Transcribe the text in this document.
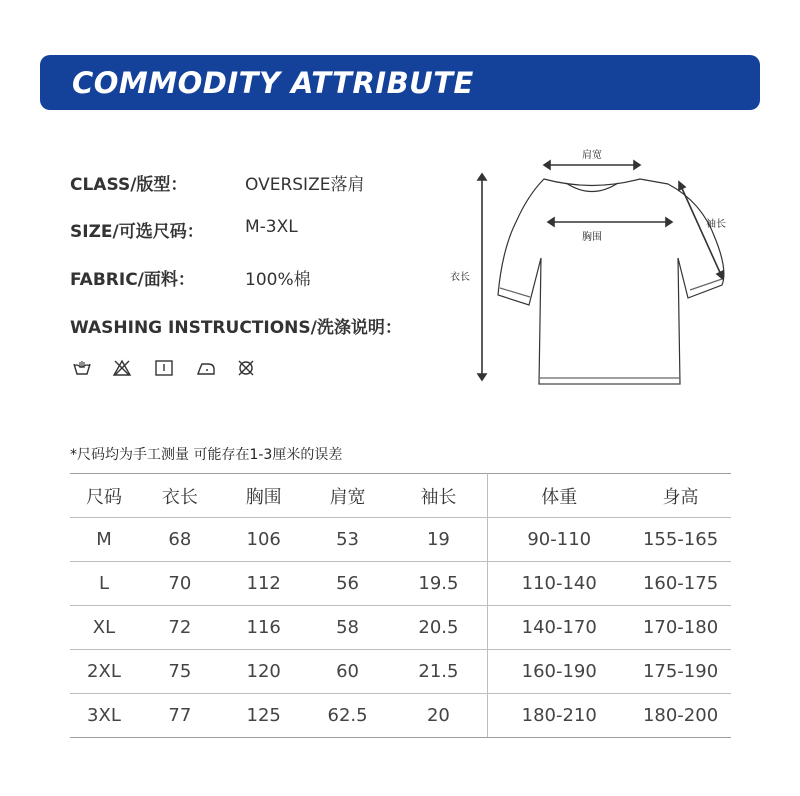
COMMODITY ATTRIBUTE
CLASS/版型：	OVERSIZE落肩
SIZE/可选尺码： M-3XL
FABRIC/面料：	100%棉
WASHING INSTRUCTIONS/洗涤说明：
肩宽
胸围
衣长
袖长
*尺码均为手工测量 可能存在1-3厘米的误差
尺码	衣长	胸围	肩宽	袖长	体重	身高
M	68	106	53	19	90-110	155-165
L	70	112	56	19.5	110-140	160-175
XL	72	116	58	20.5	140-170	170-180
2XL	75	120	60	21.5	160-190	175-190
3XL	77	125	62.5	20	180-210	180-200
